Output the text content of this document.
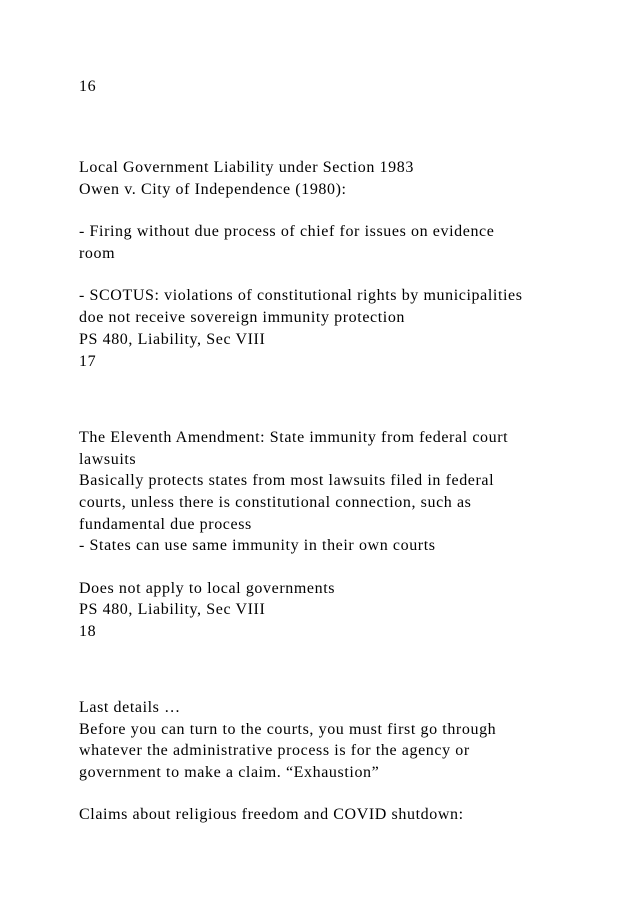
16

Local Government Liability under Section 1983

Owen v. City of Independence (1980):

- Firing without due process of chief for issues on evidence

room

- SCOTUS: violations of constitutional rights by municipalities

doe not receive sovereign immunity protection

PS 480, Liability, Sec VIII

17

The Eleventh Amendment: State immunity from federal court

lawsuits

Basically protects states from most lawsuits filed in federal

courts, unless there is constitutional connection, such as

fundamental due process

- States can use same immunity in their own courts

Does not apply to local governments

PS 480, Liability, Sec VIII

18

Last details …

Before you can turn to the courts, you must first go through

whatever the administrative process is for the agency or

government to make a claim. “Exhaustion”

Claims about religious freedom and COVID shutdown:
